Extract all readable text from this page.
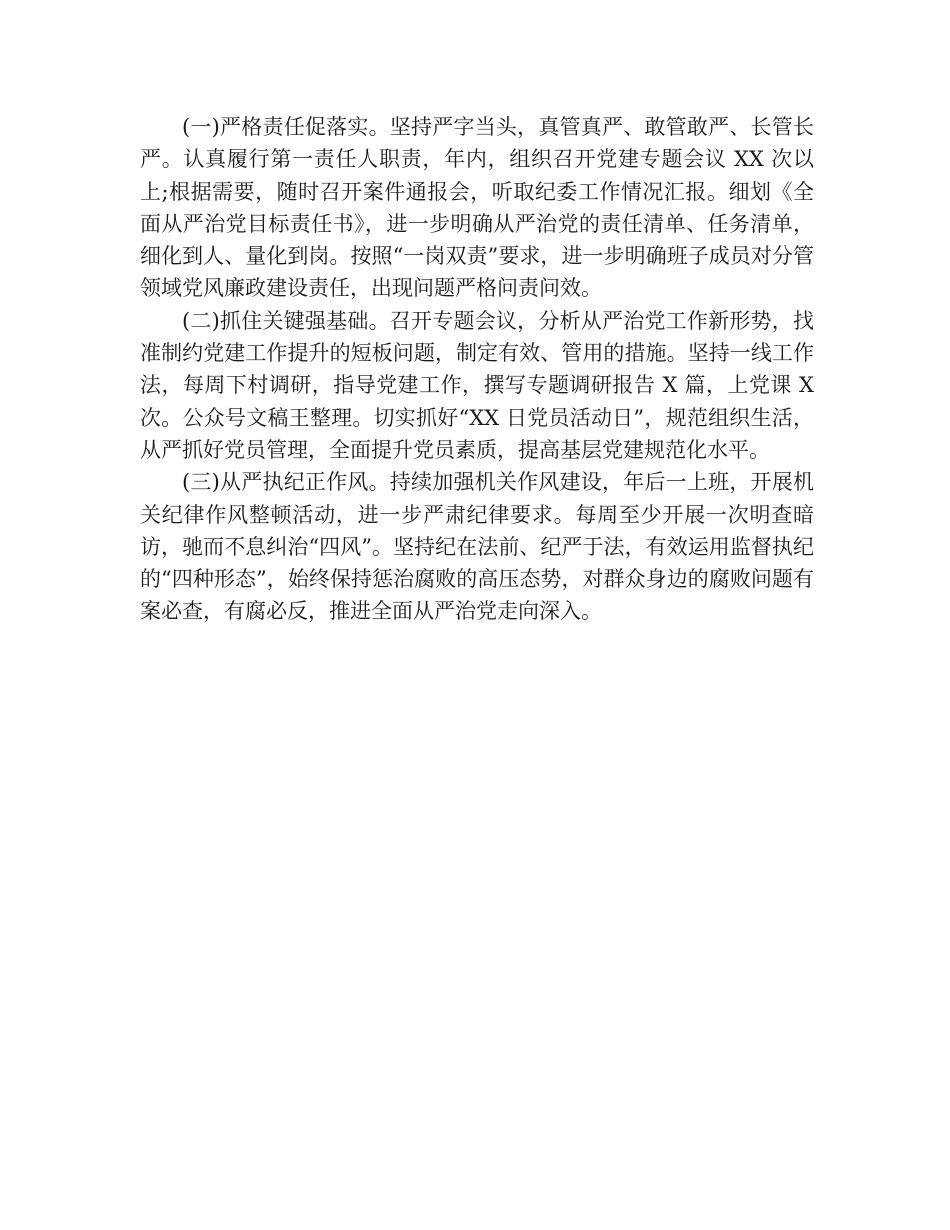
(一)严格责任促落实。坚持严字当头，真管真严、敢管敢严、长管长严。认真履行第一责任人职责，年内，组织召开党建专题会议 XX 次以上;根据需要，随时召开案件通报会，听取纪委工作情况汇报。细划《全面从严治党目标责任书》，进一步明确从严治党的责任清单、任务清单，细化到人、量化到岗。按照“一岗双责”要求，进一步明确班子成员对分管领域党风廉政建设责任，出现问题严格问责问效。

(二)抓住关键强基础。召开专题会议，分析从严治党工作新形势，找准制约党建工作提升的短板问题，制定有效、管用的措施。坚持一线工作法，每周下村调研，指导党建工作，撰写专题调研报告 X 篇，上党课 X 次。公众号文稿王整理。切实抓好“XX 日党员活动日”，规范组织生活，从严抓好党员管理，全面提升党员素质，提高基层党建规范化水平。

(三)从严执纪正作风。持续加强机关作风建设，年后一上班，开展机关纪律作风整顿活动，进一步严肃纪律要求。每周至少开展一次明查暗访，驰而不息纠治“四风”。坚持纪在法前、纪严于法，有效运用监督执纪的“四种形态”，始终保持惩治腐败的高压态势，对群众身边的腐败问题有案必查，有腐必反，推进全面从严治党走向深入。
